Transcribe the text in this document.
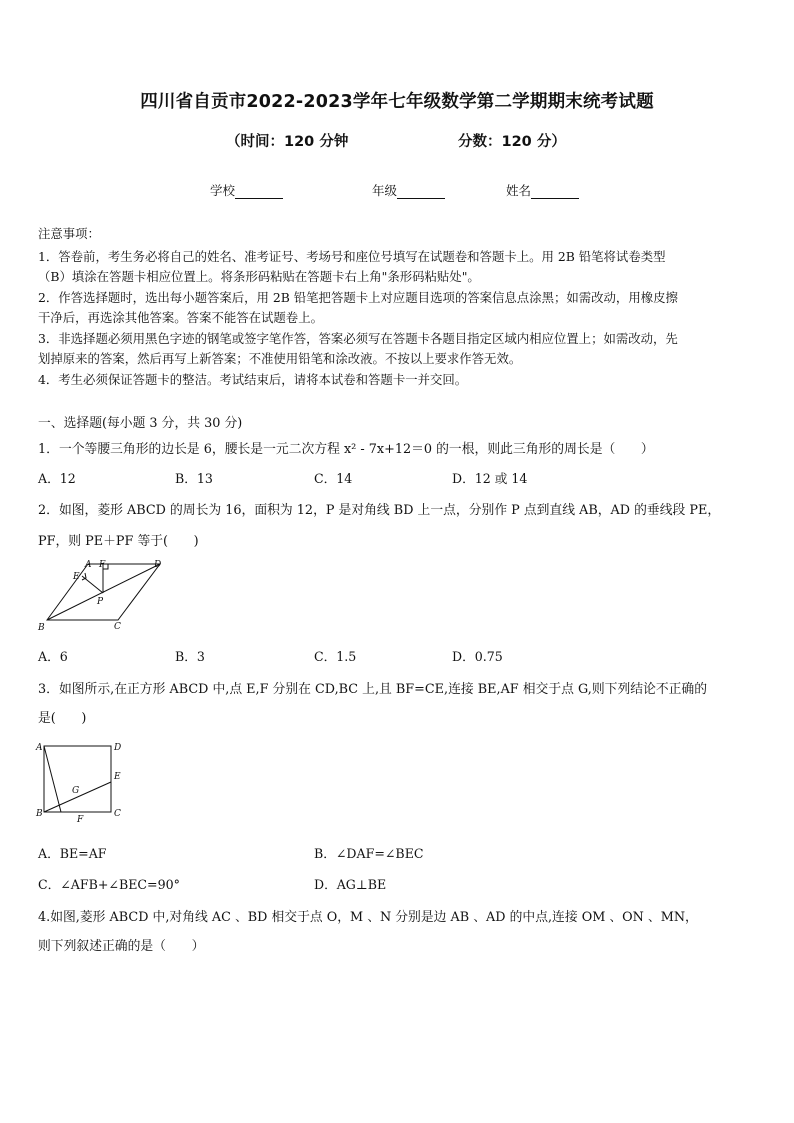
四川省自贡市2022-2023学年七年级数学第二学期期末统考试题
（时间：120 分钟	分数：120 分）
学校	年级	姓名
注意事项：
1．答卷前，考生务必将自己的姓名、准考证号、考场号和座位号填写在试题卷和答题卡上。用 2B 铅笔将试卷类型
（B）填涂在答题卡相应位置上。将条形码粘贴在答题卡右上角"条形码粘贴处"。
2．作答选择题时，选出每小题答案后，用 2B 铅笔把答题卡上对应题目选项的答案信息点涂黑；如需改动，用橡皮擦
干净后，再选涂其他答案。答案不能答在试题卷上。
3．非选择题必须用黑色字迹的钢笔或签字笔作答，答案必须写在答题卡各题目指定区域内相应位置上；如需改动，先
划掉原来的答案，然后再写上新答案；不准使用铅笔和涂改液。不按以上要求作答无效。
4．考生必须保证答题卡的整洁。考试结束后，请将本试卷和答题卡一并交回。
一、选择题(每小题 3 分，共 30 分)
1．一个等腰三角形的边长是 6，腰长是一元二次方程 x² - 7x+12＝0 的一根，则此三角形的周长是（　　）
A．12	B．13	C．14	D．12 或 14
2．如图，菱形 ABCD 的周长为 16，面积为 12，P 是对角线 BD 上一点，分别作 P 点到直线 AB，AD 的垂线段 PE，
PF，则 PE＋PF 等于(　　)
A F	D
E
P
B	C
A．6	B．3	C．1.5	D．0.75
3．如图所示,在正方形 ABCD 中,点 E,F 分别在 CD,BC 上,且 BF=CE,连接 BE,AF 相交于点 G,则下列结论不正确的
是(　　)
A	D
E
G
B	C
F
A．BE=AF	B．∠DAF=∠BEC
C．∠AFB+∠BEC=90°	D．AG⊥BE
4.如图,菱形 ABCD 中,对角线 AC 、BD 相交于点 O，M 、N 分别是边 AB 、AD 的中点,连接 OM 、ON 、MN，
则下列叙述正确的是（　　）
